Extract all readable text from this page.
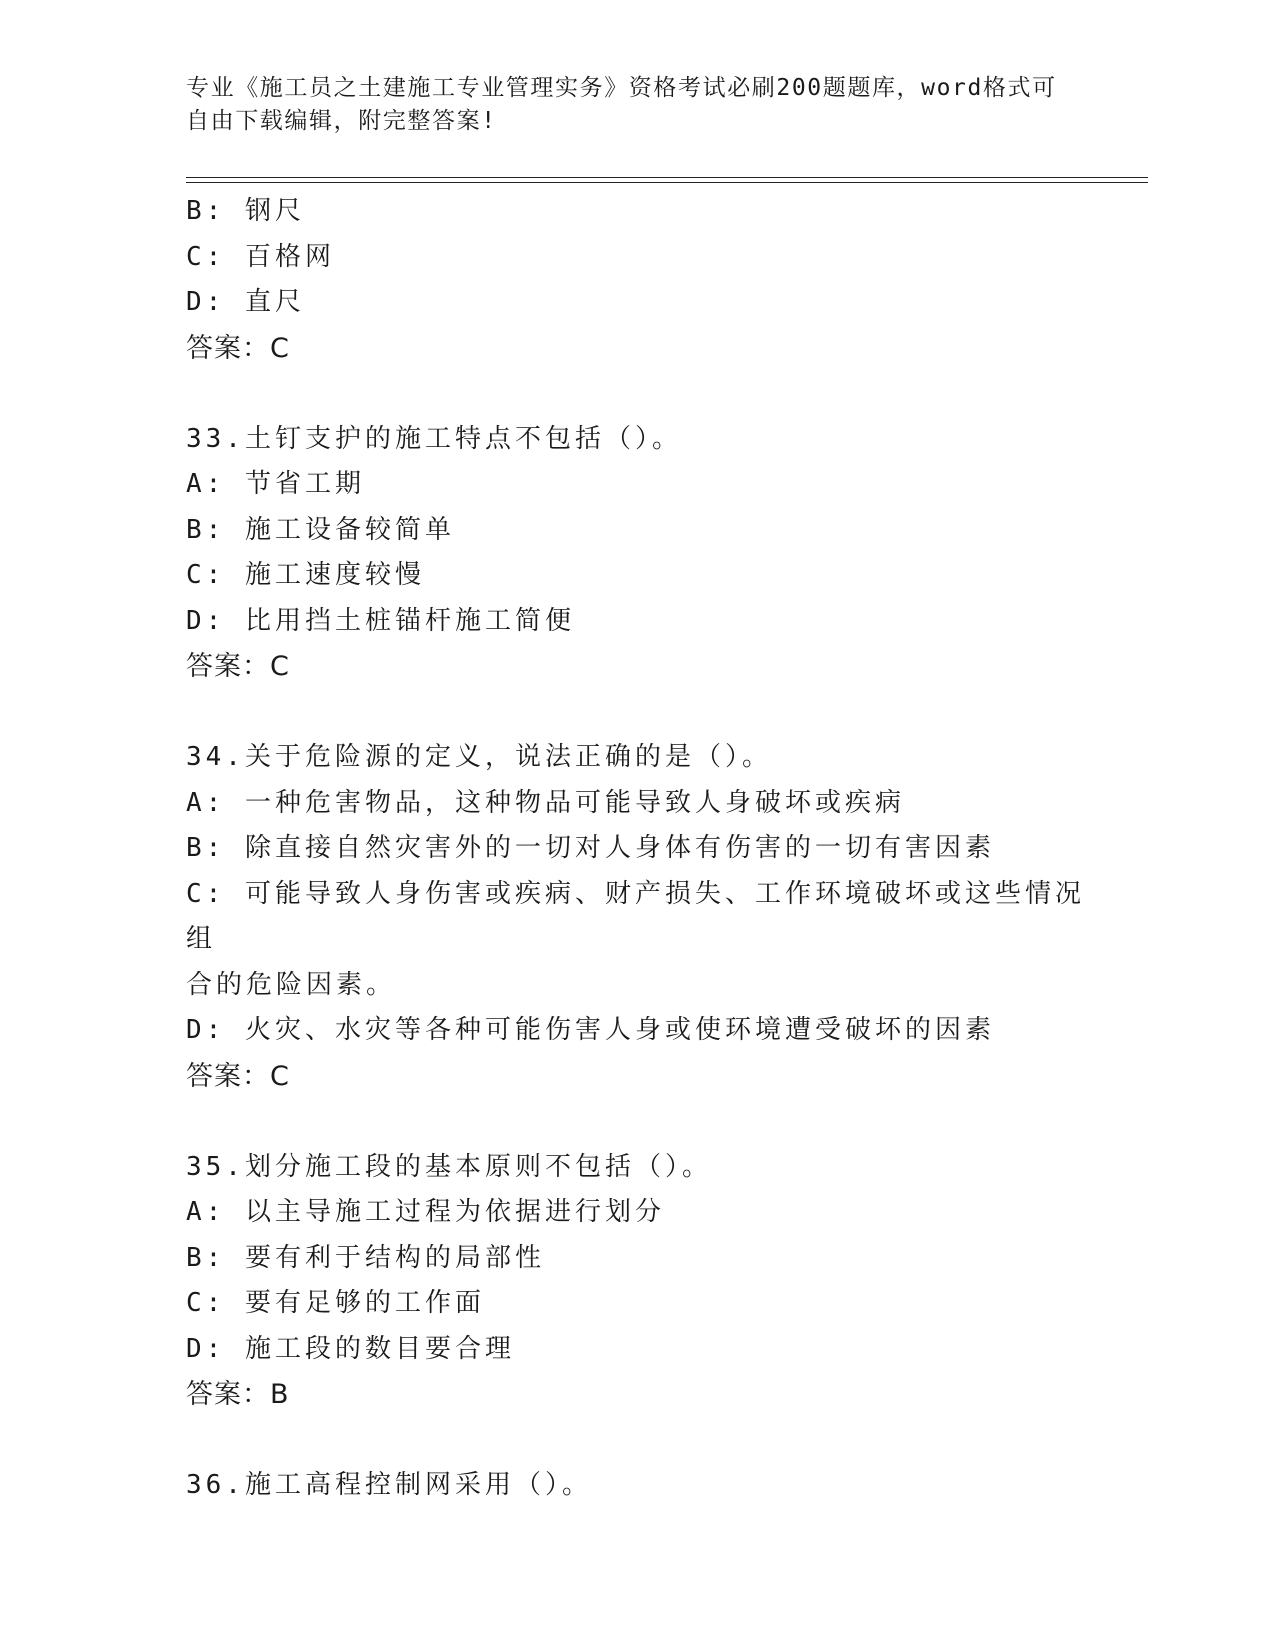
专业《施工员之土建施工专业管理实务》资格考试必刷200题题库，word格式可
自由下载编辑，附完整答案!
B: 钢尺
C: 百格网
D: 直尺
答案：C
33.土钉支护的施工特点不包括（）。
A: 节省工期
B: 施工设备较简单
C: 施工速度较慢
D: 比用挡土桩锚杆施工简便
答案：C
34.关于危险源的定义，说法正确的是（）。
A: 一种危害物品，这种物品可能导致人身破坏或疾病
B: 除直接自然灾害外的一切对人身体有伤害的一切有害因素
C: 可能导致人身伤害或疾病、财产损失、工作环境破坏或这些情况组
合的危险因素。
D: 火灾、水灾等各种可能伤害人身或使环境遭受破坏的因素
答案：C
35.划分施工段的基本原则不包括（）。
A: 以主导施工过程为依据进行划分
B: 要有利于结构的局部性
C: 要有足够的工作面
D: 施工段的数目要合理
答案：B
36.施工高程控制网采用（）。
